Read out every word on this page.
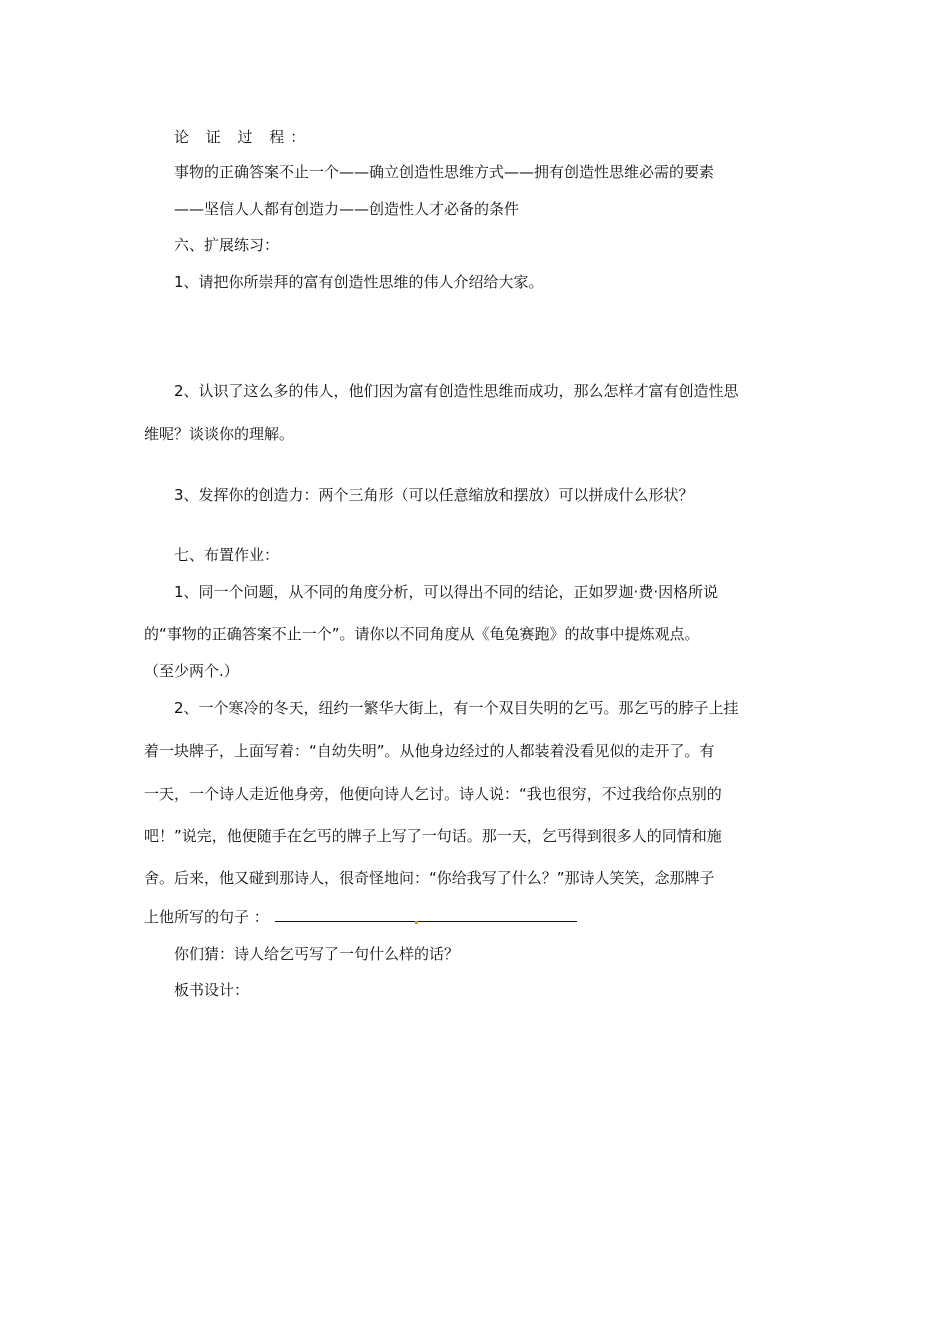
论 证 过 程：
事物的正确答案不止一个——确立创造性思维方式——拥有创造性思维必需的要素
——坚信人人都有创造力——创造性人才必备的条件
六、扩展练习：
1、请把你所崇拜的富有创造性思维的伟人介绍给大家。
2、认识了这么多的伟人，他们因为富有创造性思维而成功，那么怎样才富有创造性思
维呢？谈谈你的理解。
3、发挥你的创造力：两个三角形（可以任意缩放和摆放）可以拼成什么形状？
七、布置作业：
1、同一个问题，从不同的角度分析，可以得出不同的结论，正如罗迦·费·因格所说
的“事物的正确答案不止一个”。请你以不同角度从《龟兔赛跑》的故事中提炼观点。
（至少两个.）
2、一个寒冷的冬天，纽约一繁华大街上，有一个双目失明的乞丐。那乞丐的脖子上挂
着一块牌子，上面写着：“自幼失明”。从他身边经过的人都装着没看见似的走开了。有
一天，一个诗人走近他身旁，他便向诗人乞讨。诗人说：“我也很穷，不过我给你点别的
吧！”说完，他便随手在乞丐的牌子上写了一句话。那一天，乞丐得到很多人的同情和施
舍。后来，他又碰到那诗人，很奇怪地问：“你给我写了什么？”那诗人笑笑，念那牌子
上他所写的句子 ：
你们猜：诗人给乞丐写了一句什么样的话？
板书设计：
